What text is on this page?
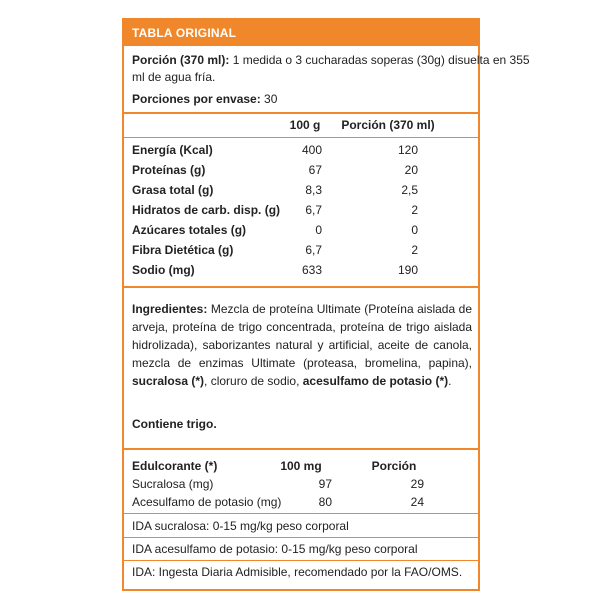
TABLA ORIGINAL
Porción (370 ml): 1 medida o 3 cucharadas soperas (30g) disuelta en 355
ml de agua fría.
Porciones por envase: 30
100 g	Porción (370 ml)
Energía (Kcal)	400	120
Proteínas (g)	67	20
Grasa total (g)	8,3	2,5
Hidratos de carb. disp. (g)	6,7	2
Azúcares totales (g)	0	0
Fibra Dietética (g)	6,7	2
Sodio (mg)	633	190
Ingredientes: Mezcla de proteína Ultimate (Proteína aislada de arveja, proteína de trigo concentrada, proteína de trigo aislada hidrolizada), saborizantes natural y artificial, aceite de canola, mezcla de enzimas Ultimate (proteasa, bromelina, papina), sucralosa (*), cloruro de sodio, acesulfamo de potasio (*).
Contiene trigo.
Edulcorante (*)	100 mg	Porción
Sucralosa (mg)	97	29
Acesulfamo de potasio (mg)	80	24
IDA sucralosa: 0-15 mg/kg peso corporal
IDA acesulfamo de potasio: 0-15 mg/kg peso corporal
IDA: Ingesta Diaria Admisible, recomendado por la FAO/OMS.
